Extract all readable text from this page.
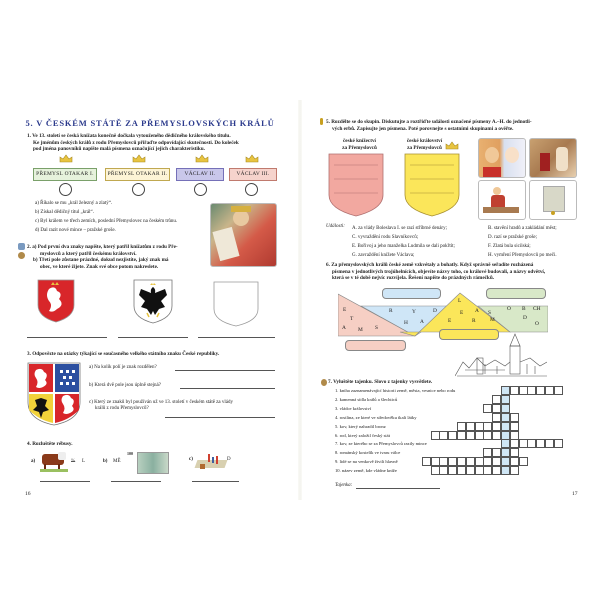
5. V ČESKÉM STÁTĚ ZA PŘEMYSLOVSKÝCH KRÁLŮ
1. Ve 13. století se česká knížata konečně dočkala vytouženého dědičného královského titulu.
Ke jménům českých králů z rodu Přemyslovců přiřaďte odpovídající skutečnosti. Do koleček
pod jména panovníků napište malá písmena označující jejich charakteristiku.
PŘEMYSL OTAKAR I.	PŘEMYSL OTAKAR II.	VÁCLAV II.	VÁCLAV III.
a) Říkalo se mu „král železný a zlatý“.
b) Získal dědičný titul „král“.
c) Byl králem ve třech zemích, poslední Přemyslovec na českém trůnu.
d) Dal razit nové mince – pražské groše.
2. a) Pod první dva znaky napište, který patřil knížatům z rodu Pře-
myslovců a který patřil českému království.
b) Třetí pole zůstane prázdné, dokud nezjistíte, jaký znak má
obec, ve které žijete. Znak své obce potom nakreslete.
3. Odpovězte na otázky týkající se současného velkého státního znaku České republiky.
a) Na kolik polí je znak rozdělen?
b) Která dvě pole jsou úplně stejná?
c) Který ze znaků byl používán už ve 13. století v českém státě za vlády
králů z rodu Přemyslovců?
4. Rozluštěte rébusy.
a)	% L	b) MĚ
100
c)	D
16
5. Rozdělte se do skupin. Diskutujte a roztřiďte události označené písmeny A.–H. do jednotli-
vých erbů. Zapisujte jen písmena. Poté porovnejte s ostatními skupinami a ověřte.
české knížectví
za Přemyslovců
české království
za Přemyslovců
Události: A. za vlády Boleslava I. se razí stříbrné denáry;
C. vyvraždění rodu Slavníkovců;
E. Bořivoj a jeho manželka Ludmila se dali pokřtít;
G. zavraždění knížete Václava;
B. stavění hradů a zakládání měst;
D. razí se pražské groše;
F. Zlatá bula sicilská;
H. vymření Přemyslovců po meči.
6. Za přemyslovských králů české země vzkvétaly a bohatly. Když správně seřadíte rozházená
písmena v jednotlivých trojúhelnících, objevíte názvy toho, co králové budovali, a názvy odvětví,
která se v té době nejvíc rozvíjela. Řešení napište do prázdných rámečků.
E
T
A M S
R	Y	D
H A
L
E A S
E	R	M
O B CH
D
O
7. Vyluštěte tajenku. Slovo z tajenky vysvětlete.
1. kniha zaznamenávající historii země, města, vesnice nebo rodu
2. kamenná sídla králů a šlechticů
3. vládce království
4. rostlina, ze které ve středověku tkali látky
5. kov, který nahradil bronz
6. rod, který založil český stát
7. kov, ze kterého se za Přemyslovců razily mince
8. románský kostelík ve tvaru válce
9. lidé se na venkově živili hlavně
10. název země, kde vládne kníže
Tajenka:
17
